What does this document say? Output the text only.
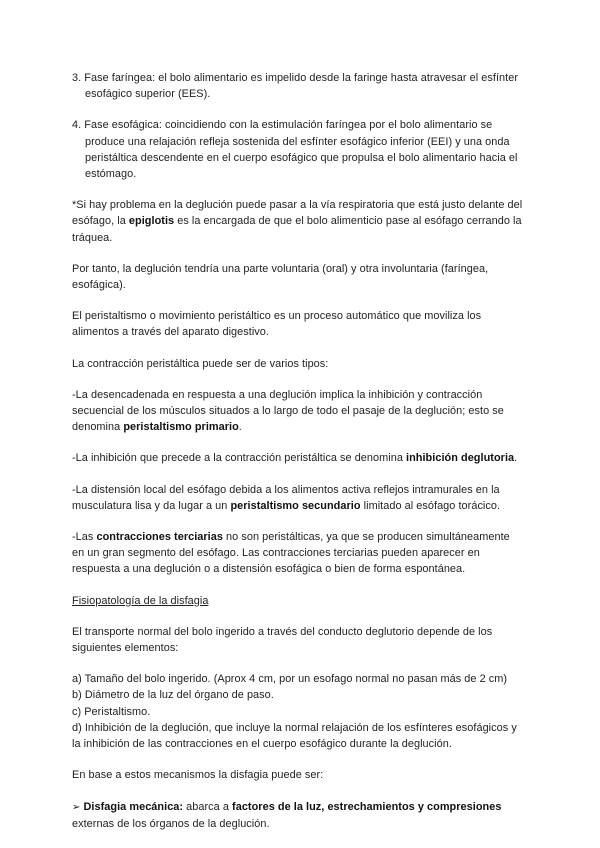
3. Fase faríngea: el bolo alimentario es impelido desde la faringe hasta atravesar el esfínter

esofágico superior (EES).

4. Fase esofágica: coincidiendo con la estimulación faríngea por el bolo alimentario se

produce una relajación refleja sostenida del esfínter esofágico inferior (EEI) y una onda

peristáltica descendente en el cuerpo esofágico que propulsa el bolo alimentario hacia el

estómago.

*Si hay problema en la deglución puede pasar a la vía respiratoria que está justo delante del

esófago, la epiglotis es la encargada de que el bolo alimenticio pase al esófago cerrando la

tráquea.

Por tanto, la deglución tendría una parte voluntaria (oral) y otra involuntaria (faríngea,

esofágica).

El peristaltismo o movimiento peristáltico es un proceso automático que moviliza los

alimentos a través del aparato digestivo.

La contracción peristáltica puede ser de varios tipos:

-La desencadenada en respuesta a una deglución implica la inhibición y contracción

secuencial de los músculos situados a lo largo de todo el pasaje de la deglución; esto se

denomina peristaltismo primario.

-La inhibición que precede a la contracción peristáltica se denomina inhibición deglutoria.

-La distensión local del esófago debida a los alimentos activa reflejos intramurales en la

musculatura lisa y da lugar a un peristaltismo secundario limitado al esófago torácico.

-Las contracciones terciarias no son peristálticas, ya que se producen simultáneamente

en un gran segmento del esófago. Las contracciones terciarias pueden aparecer en

respuesta a una deglución o a distensión esofágica o bien de forma espontánea.

Fisiopatología de la disfagia

El transporte normal del bolo ingerido a través del conducto deglutorio depende de los

siguientes elementos:

a) Tamaño del bolo ingerido. (Aprox 4 cm, por un esofago normal no pasan más de 2 cm)

b) Diámetro de la luz del órgano de paso.

c) Peristaltismo.

d) Inhibición de la deglución, que incluye la normal relajación de los esfínteres esofágicos y

la inhibición de las contracciones en el cuerpo esofágico durante la deglución.

En base a estos mecanismos la disfagia puede ser:

➢ Disfagia mecánica: abarca a factores de la luz, estrechamientos y compresiones

externas de los órganos de la deglución.
